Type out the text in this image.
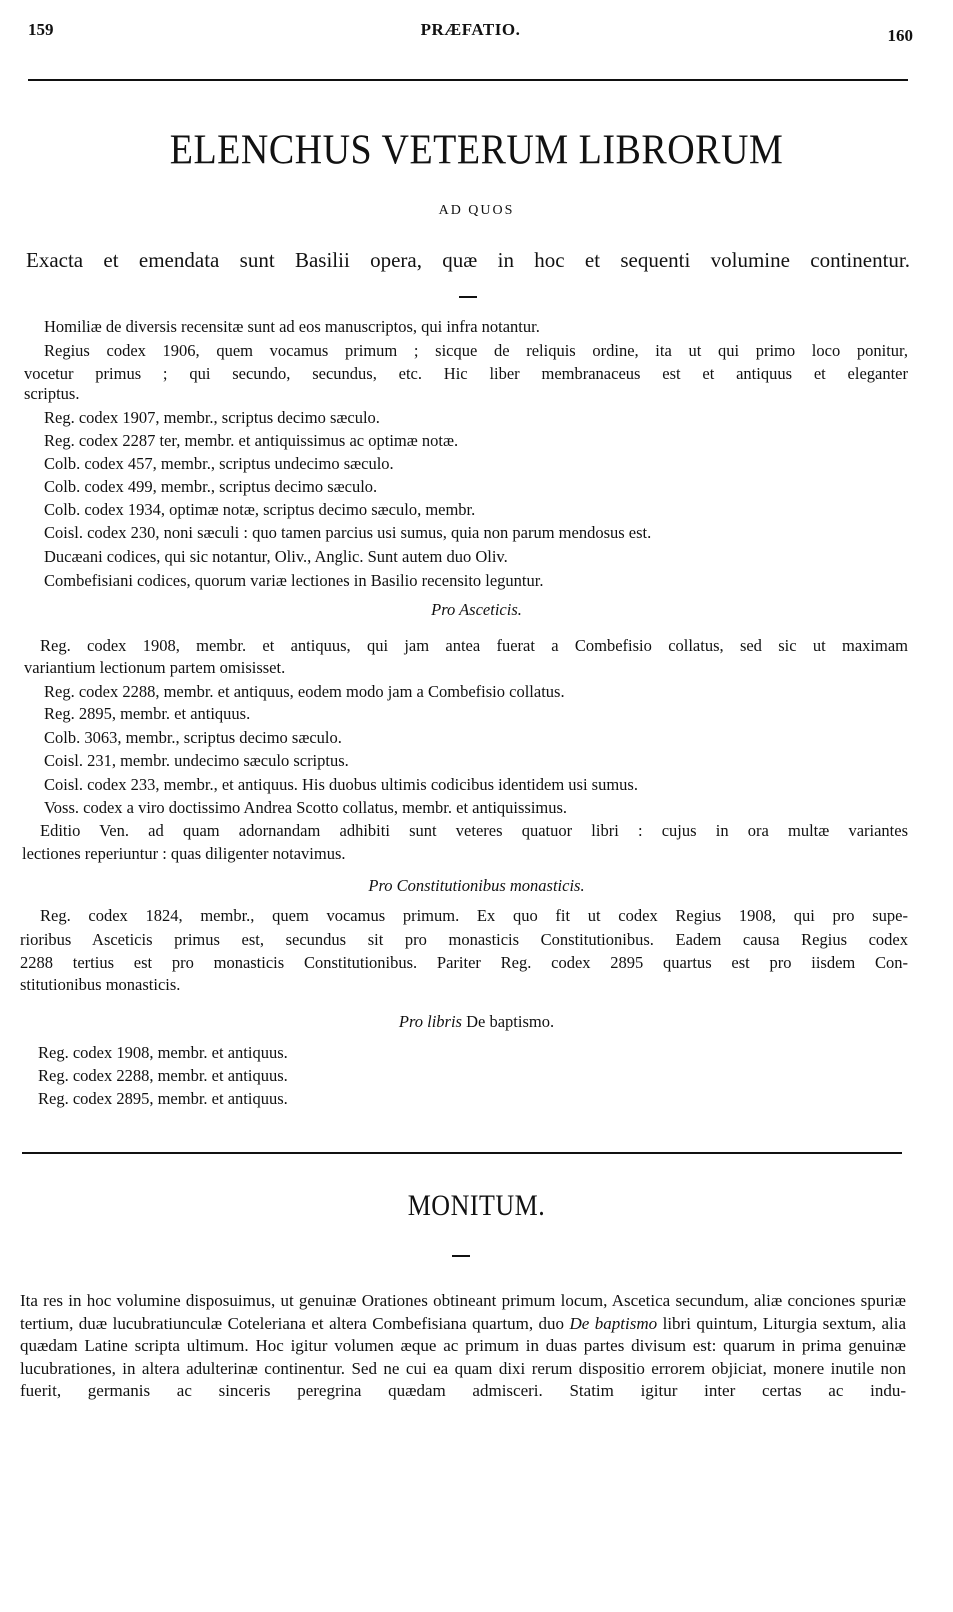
159	PRÆFATIO.	160
ELENCHUS VETERUM LIBRORUM
AD QUOS
Exacta et emendata sunt Basilii opera, quæ in hoc et sequenti volumine continentur.
Homiliæ de diversis recensitæ sunt ad eos manuscriptos, qui infra notantur.
Regius codex 1906, quem vocamus primum ; sicque de reliquis ordine, ita ut qui primo loco ponitur,
vocetur primus ; qui secundo, secundus, etc. Hic liber membranaceus est et antiquus et eleganter
scriptus.
Reg. codex 1907, membr., scriptus decimo sæculo.
Reg. codex 2287 ter, membr. et antiquissimus ac optimæ notæ.
Colb. codex 457, membr., scriptus undecimo sæculo.
Colb. codex 499, membr., scriptus decimo sæculo.
Colb. codex 1934, optimæ notæ, scriptus decimo sæculo, membr.
Coisl. codex 230, noni sæculi : quo tamen parcius usi sumus, quia non parum mendosus est.
Ducæani codices, qui sic notantur, Oliv., Anglic. Sunt autem duo Oliv.
Combefisiani codices, quorum variæ lectiones in Basilio recensito leguntur.
Pro Asceticis.
Reg. codex 1908, membr. et antiquus, qui jam antea fuerat a Combefisio collatus, sed sic ut maximam
variantium lectionum partem omisisset.
Reg. codex 2288, membr. et antiquus, eodem modo jam a Combefisio collatus.
Reg. 2895, membr. et antiquus.
Colb. 3063, membr., scriptus decimo sæculo.
Coisl. 231, membr. undecimo sæculo scriptus.
Coisl. codex 233, membr., et antiquus. His duobus ultimis codicibus identidem usi sumus.
Voss. codex a viro doctissimo Andrea Scotto collatus, membr. et antiquissimus.
Editio Ven. ad quam adornandam adhibiti sunt veteres quatuor libri : cujus in ora multæ variantes
lectiones reperiuntur : quas diligenter notavimus.
Pro Constitutionibus monasticis.
Reg. codex 1824, membr., quem vocamus primum. Ex quo fit ut codex Regius 1908, qui pro supe-
rioribus Asceticis primus est, secundus sit pro monasticis Constitutionibus. Eadem causa Regius codex
2288 tertius est pro monasticis Constitutionibus. Pariter Reg. codex 2895 quartus est pro iisdem Con-
stitutionibus monasticis.
Pro libris De baptismo.
Reg. codex 1908, membr. et antiquus.
Reg. codex 2288, membr. et antiquus.
Reg. codex 2895, membr. et antiquus.
MONITUM.
Ita res in hoc volumine disposuimus, ut genuinæ Orationes obtineant primum locum, Ascetica secundum, aliæ conciones spuriæ tertium, duæ lucubratiunculæ Coteleriana et altera Combefisiana quartum, duo De baptismo libri quintum, Liturgia sextum, alia quædam Latine scripta ultimum. Hoc igitur volumen æque ac primum in duas partes divisum est: quarum in prima genuinæ lucubrationes, in altera adulterinæ continentur. Sed ne cui ea quam dixi rerum dispositio errorem objiciat, monere inutile non fuerit, germanis ac sinceris peregrina quædam admisceri. Statim igitur inter certas ac indu-
